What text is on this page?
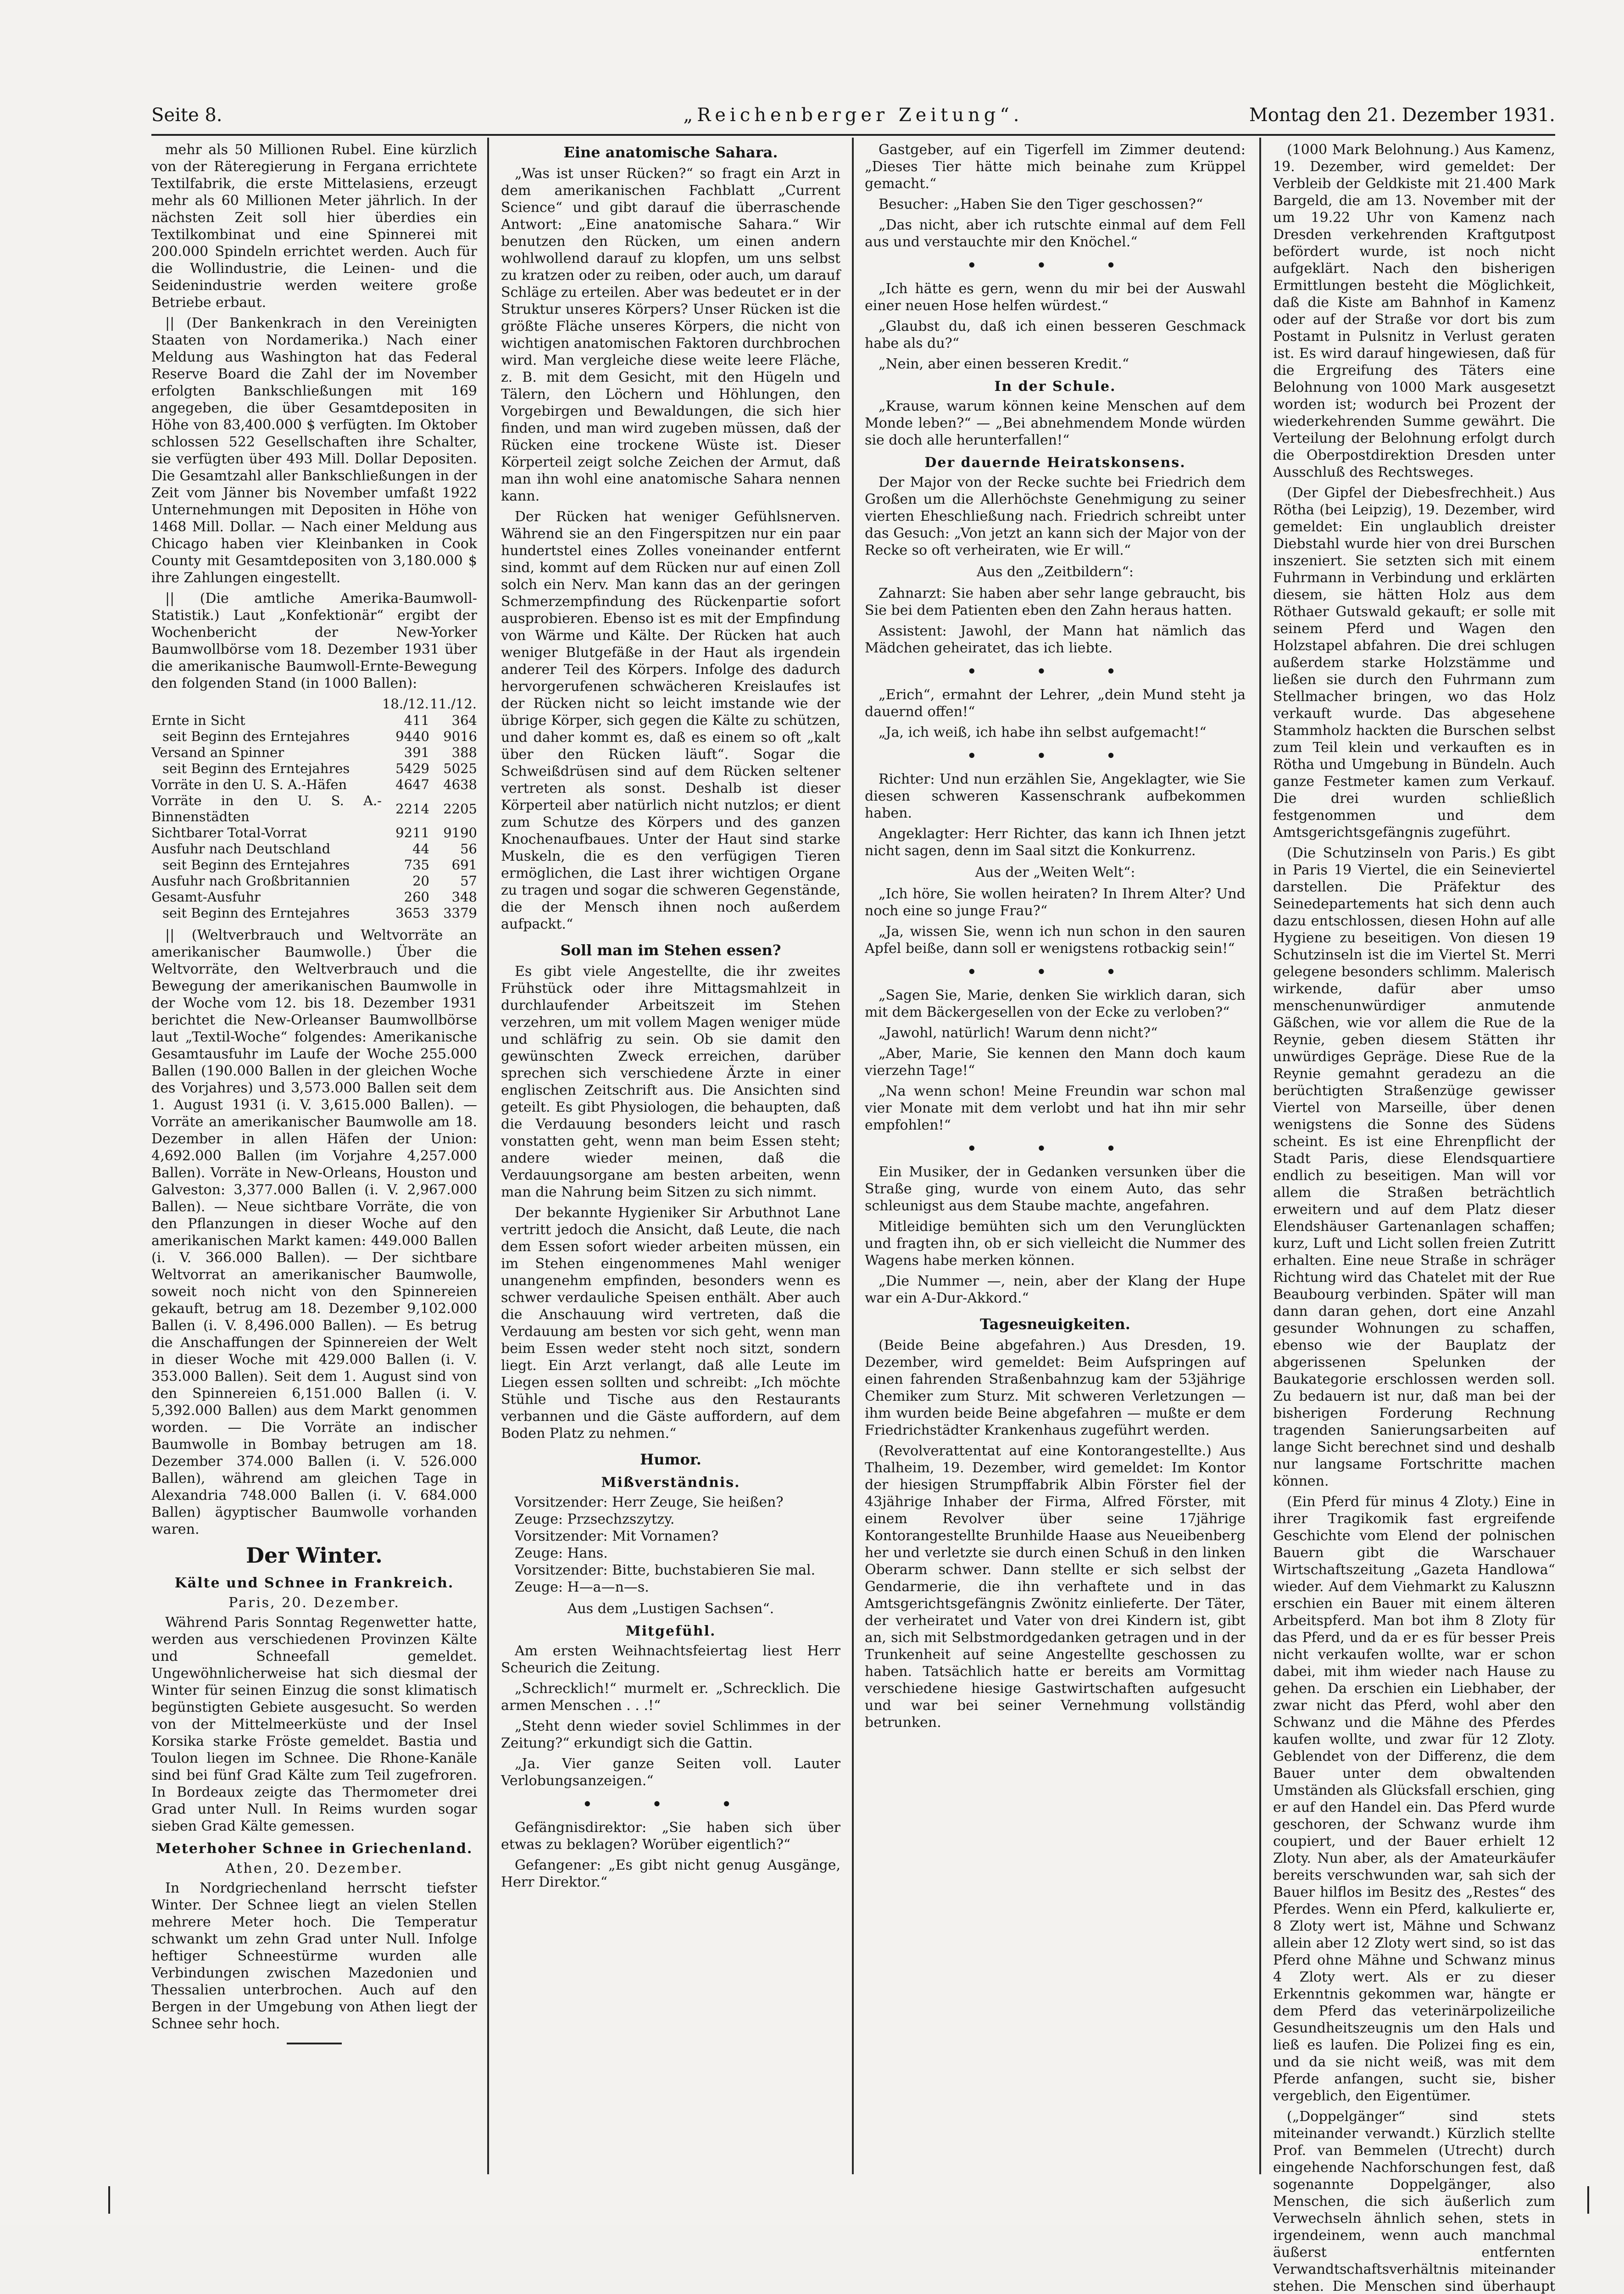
Seite 8.	„Reichenberger Zeitung“.	Montag den 21. Dezember 1931.

mehr als 50 Millionen Rubel. Eine kürzlich von der Räteregierung in Fergana errichtete Textilfabrik, die erste Mittelasiens, erzeugt mehr als 60 Millionen Meter jährlich. In der nächsten Zeit soll hier überdies ein Textilkombinat und eine Spinnerei mit 200.000 Spindeln errichtet werden. Auch für die Wollindustrie, die Leinen- und die Seidenindustrie werden weitere große Betriebe erbaut.

|| (Der Bankenkrach in den Vereinigten Staaten von Nordamerika.) Nach einer Meldung aus Washington hat das Federal Reserve Board die Zahl der im November erfolgten Bankschließungen mit 169 angegeben, die über Gesamtdepositen in Höhe von 83,400.000 $ verfügten. Im Oktober schlossen 522 Gesellschaften ihre Schalter, sie verfügten über 493 Mill. Dollar Depositen. Die Gesamtzahl aller Bankschließungen in der Zeit vom Jänner bis November umfaßt 1922 Unternehmungen mit Depositen in Höhe von 1468 Mill. Dollar. — Nach einer Meldung aus Chicago haben vier Kleinbanken in Cook County mit Gesamtdepositen von 3,180.000 $ ihre Zahlungen eingestellt.

|| (Die amtliche Amerika-Baumwoll-Statistik.) Laut „Konfektionär“ ergibt der Wochenbericht der New-Yorker Baumwollbörse vom 18. Dezember 1931 über die amerikanische Baumwoll-Ernte-Bewegung den folgenden Stand (in 1000 Ballen):

	18./12.	11./12.
Ernte in Sicht	411	364
seit Beginn des Erntejahres	9440	9016
Versand an Spinner	391	388
seit Beginn des Erntejahres	5429	5025
Vorräte in den U. S. A.-Häfen	4647	4638
Vorräte in den U. S. A.-Binnenstädten	2214	2205
Sichtbarer Total-Vorrat	9211	9190
Ausfuhr nach Deutschland	44	56
seit Beginn des Erntejahres	735	691
Ausfuhr nach Großbritannien	20	57
Gesamt-Ausfuhr	260	348
seit Beginn des Erntejahres	3653	3379

|| (Weltverbrauch und Weltvorräte an amerikanischer Baumwolle.) Über die Weltvorräte, den Weltverbrauch und die Bewegung der amerikanischen Baumwolle in der Woche vom 12. bis 18. Dezember 1931 berichtet die New-Orleanser Baumwollbörse laut „Textil-Woche“ folgendes: Amerikanische Gesamtausfuhr im Laufe der Woche 255.000 Ballen (190.000 Ballen in der gleichen Woche des Vorjahres) und 3,573.000 Ballen seit dem 1. August 1931 (i. V. 3,615.000 Ballen). — Vorräte an amerikanischer Baumwolle am 18. Dezember in allen Häfen der Union: 4,692.000 Ballen (im Vorjahre 4,257.000 Ballen). Vorräte in New-Orleans, Houston und Galveston: 3,377.000 Ballen (i. V. 2,967.000 Ballen). — Neue sichtbare Vorräte, die von den Pflanzungen in dieser Woche auf den amerikanischen Markt kamen: 449.000 Ballen (i. V. 366.000 Ballen). — Der sichtbare Weltvorrat an amerikanischer Baumwolle, soweit noch nicht von den Spinnereien gekauft, betrug am 18. Dezember 9,102.000 Ballen (i. V. 8,496.000 Ballen). — Es betrug die Anschaffungen der Spinnereien der Welt in dieser Woche mit 429.000 Ballen (i. V. 353.000 Ballen). Seit dem 1. August sind von den Spinnereien 6,151.000 Ballen (i. V. 5,392.000 Ballen) aus dem Markt genommen worden. — Die Vorräte an indischer Baumwolle in Bombay betrugen am 18. Dezember 374.000 Ballen (i. V. 526.000 Ballen), während am gleichen Tage in Alexandria 748.000 Ballen (i. V. 684.000 Ballen) ägyptischer Baumwolle vorhanden waren.

Der Winter.
Kälte und Schnee in Frankreich.
Paris, 20. Dezember.

Während Paris Sonntag Regenwetter hatte, werden aus verschiedenen Provinzen Kälte und Schneefall gemeldet. Ungewöhnlicherweise hat sich diesmal der Winter für seinen Einzug die sonst klimatisch begünstigten Gebiete ausgesucht. So werden von der Mittelmeerküste und der Insel Korsika starke Fröste gemeldet. Bastia und Toulon liegen im Schnee. Die Rhone-Kanäle sind bei fünf Grad Kälte zum Teil zugefroren. In Bordeaux zeigte das Thermometer drei Grad unter Null. In Reims wurden sogar sieben Grad Kälte gemessen.

Meterhoher Schnee in Griechenland.
Athen, 20. Dezember.

In Nordgriechenland herrscht tiefster Winter. Der Schnee liegt an vielen Stellen mehrere Meter hoch. Die Temperatur schwankt um zehn Grad unter Null. Infolge heftiger Schneestürme wurden alle Verbindungen zwischen Mazedonien und Thessalien unterbrochen. Auch auf den Bergen in der Umgebung von Athen liegt der Schnee sehr hoch.

Eine anatomische Sahara.

„Was ist unser Rücken?“ so fragt ein Arzt in dem amerikanischen Fachblatt „Current Science“ und gibt darauf die überraschende Antwort: „Eine anatomische Sahara.“ Wir benutzen den Rücken, um einen andern wohlwollend darauf zu klopfen, um uns selbst zu kratzen oder zu reiben, oder auch, um darauf Schläge zu erteilen. Aber was bedeutet er in der Struktur unseres Körpers? Unser Rücken ist die größte Fläche unseres Körpers, die nicht von wichtigen anatomischen Faktoren durchbrochen wird. Man vergleiche diese weite leere Fläche, z. B. mit dem Gesicht, mit den Hügeln und Tälern, den Löchern und Höhlungen, den Vorgebirgen und Bewaldungen, die sich hier finden, und man wird zugeben müssen, daß der Rücken eine trockene Wüste ist. Dieser Körperteil zeigt solche Zeichen der Armut, daß man ihn wohl eine anatomische Sahara nennen kann.

Der Rücken hat weniger Gefühlsnerven. Während sie an den Fingerspitzen nur ein paar hundertstel eines Zolles voneinander entfernt sind, kommt auf dem Rücken nur auf einen Zoll solch ein Nerv. Man kann das an der geringen Schmerzempfindung des Rückenpartie sofort ausprobieren. Ebenso ist es mit der Empfindung von Wärme und Kälte. Der Rücken hat auch weniger Blutgefäße in der Haut als irgendein anderer Teil des Körpers. Infolge des dadurch hervorgerufenen schwächeren Kreislaufes ist der Rücken nicht so leicht imstande wie der übrige Körper, sich gegen die Kälte zu schützen, und daher kommt es, daß es einem so oft „kalt über den Rücken läuft“. Sogar die Schweißdrüsen sind auf dem Rücken seltener vertreten als sonst. Deshalb ist dieser Körperteil aber natürlich nicht nutzlos; er dient zum Schutze des Körpers und des ganzen Knochenaufbaues. Unter der Haut sind starke Muskeln, die es den verfügigen Tieren ermöglichen, die Last ihrer wichtigen Organe zu tragen und sogar die schweren Gegenstände, die der Mensch ihnen noch außerdem aufpackt.“

Soll man im Stehen essen?

Es gibt viele Angestellte, die ihr zweites Frühstück oder ihre Mittagsmahlzeit in durchlaufender Arbeitszeit im Stehen verzehren, um mit vollem Magen weniger müde und schläfrig zu sein. Ob sie damit den gewünschten Zweck erreichen, darüber sprechen sich verschiedene Ärzte in einer englischen Zeitschrift aus. Die Ansichten sind geteilt. Es gibt Physiologen, die behaupten, daß die Verdauung besonders leicht und rasch vonstatten geht, wenn man beim Essen steht; andere wieder meinen, daß die Verdauungsorgane am besten arbeiten, wenn man die Nahrung beim Sitzen zu sich nimmt.

Der bekannte Hygieniker Sir Arbuthnot Lane vertritt jedoch die Ansicht, daß Leute, die nach dem Essen sofort wieder arbeiten müssen, ein im Stehen eingenommenes Mahl weniger unangenehm empfinden, besonders wenn es schwer verdauliche Speisen enthält. Aber auch die Anschauung wird vertreten, daß die Verdauung am besten vor sich geht, wenn man beim Essen weder steht noch sitzt, sondern liegt. Ein Arzt verlangt, daß alle Leute im Liegen essen sollten und schreibt: „Ich möchte Stühle und Tische aus den Restaurants verbannen und die Gäste auffordern, auf dem Boden Platz zu nehmen.“

Humor.
Mißverständnis.

Vorsitzender: Herr Zeuge, Sie heißen?

Zeuge: Przsechzszytzy.

Vorsitzender: Mit Vornamen?

Zeuge: Hans.

Vorsitzender: Bitte, buchstabieren Sie mal.

Zeuge: H—a—n—s.

Aus dem „Lustigen Sachsen“.
Mitgefühl.

Am ersten Weihnachtsfeiertag liest Herr Scheurich die Zeitung.

„Schrecklich!“ murmelt er. „Schrecklich. Die armen Menschen . . .!“

„Steht denn wieder soviel Schlimmes in der Zeitung?“ erkundigt sich die Gattin.

„Ja. Vier ganze Seiten voll. Lauter Verlobungsanzeigen.“

• • •

Gefängnisdirektor: „Sie haben sich über etwas zu beklagen? Worüber eigentlich?“

Gefangener: „Es gibt nicht genug Ausgänge, Herr Direktor.“

Gastgeber, auf ein Tigerfell im Zimmer deutend: „Dieses Tier hätte mich beinahe zum Krüppel gemacht.“

Besucher: „Haben Sie den Tiger geschossen?“

„Das nicht, aber ich rutschte einmal auf dem Fell aus und verstauchte mir den Knöchel.“

• • •

„Ich hätte es gern, wenn du mir bei der Auswahl einer neuen Hose helfen würdest.“

„Glaubst du, daß ich einen besseren Geschmack habe als du?“

„Nein, aber einen besseren Kredit.“

In der Schule.

„Krause, warum können keine Menschen auf dem Monde leben?“ — „Bei abnehmendem Monde würden sie doch alle herunterfallen!“

Der dauernde Heiratskonsens.

Der Major von der Recke suchte bei Friedrich dem Großen um die Allerhöchste Genehmigung zu seiner vierten Eheschließung nach. Friedrich schreibt unter das Gesuch: „Von jetzt an kann sich der Major von der Recke so oft verheiraten, wie Er will.“

Aus den „Zeitbildern“:

Zahnarzt: Sie haben aber sehr lange gebraucht, bis Sie bei dem Patienten eben den Zahn heraus hatten.

Assistent: Jawohl, der Mann hat nämlich das Mädchen geheiratet, das ich liebte.

• • •

„Erich“, ermahnt der Lehrer, „dein Mund steht ja dauernd offen!“

„Ja, ich weiß, ich habe ihn selbst aufgemacht!“

• • •

Richter: Und nun erzählen Sie, Angeklagter, wie Sie diesen schweren Kassenschrank aufbekommen haben.

Angeklagter: Herr Richter, das kann ich Ihnen jetzt nicht sagen, denn im Saal sitzt die Konkurrenz.

Aus der „Weiten Welt“:

„Ich höre, Sie wollen heiraten? In Ihrem Alter? Und noch eine so junge Frau?“

„Ja, wissen Sie, wenn ich nun schon in den sauren Apfel beiße, dann soll er wenigstens rotbackig sein!“

• • •

„Sagen Sie, Marie, denken Sie wirklich daran, sich mit dem Bäckergesellen von der Ecke zu verloben?“

„Jawohl, natürlich! Warum denn nicht?“

„Aber, Marie, Sie kennen den Mann doch kaum vierzehn Tage!“

„Na wenn schon! Meine Freundin war schon mal vier Monate mit dem verlobt und hat ihn mir sehr empfohlen!“

• • •

Ein Musiker, der in Gedanken versunken über die Straße ging, wurde von einem Auto, das sehr schleunigst aus dem Staube machte, angefahren.

Mitleidige bemühten sich um den Verunglückten und fragten ihn, ob er sich vielleicht die Nummer des Wagens habe merken können.

„Die Nummer —, nein, aber der Klang der Hupe war ein A-Dur-Akkord.“

Tagesneuigkeiten.

(Beide Beine abgefahren.) Aus Dresden, 19. Dezember, wird gemeldet: Beim Aufspringen auf einen fahrenden Straßenbahnzug kam der 53jährige Chemiker zum Sturz. Mit schweren Verletzungen — ihm wurden beide Beine abgefahren — mußte er dem Friedrichstädter Krankenhaus zugeführt werden.

(Revolverattentat auf eine Kontorangestellte.) Aus Thalheim, 19. Dezember, wird gemeldet: Im Kontor der hiesigen Strumpffabrik Albin Förster fiel der 43jährige Inhaber der Firma, Alfred Förster, mit einem Revolver über seine 17jährige Kontorangestellte Brunhilde Haase aus Neueibenberg her und verletzte sie durch einen Schuß in den linken Oberarm schwer. Dann stellte er sich selbst der Gendarmerie, die ihn verhaftete und in das Amtsgerichtsgefängnis Zwönitz einlieferte. Der Täter, der verheiratet und Vater von drei Kindern ist, gibt an, sich mit Selbstmordgedanken getragen und in der Trunkenheit auf seine Angestellte geschossen zu haben. Tatsächlich hatte er bereits am Vormittag verschiedene hiesige Gastwirtschaften aufgesucht und war bei seiner Vernehmung vollständig betrunken.

(1000 Mark Belohnung.) Aus Kamenz, 19. Dezember, wird gemeldet: Der Verbleib der Geldkiste mit 21.400 Mark Bargeld, die am 13. November mit der um 19.22 Uhr von Kamenz nach Dresden verkehrenden Kraftgutpost befördert wurde, ist noch nicht aufgeklärt. Nach den bisherigen Ermittlungen besteht die Möglichkeit, daß die Kiste am Bahnhof in Kamenz oder auf der Straße vor dort bis zum Postamt in Pulsnitz in Verlust geraten ist. Es wird darauf hingewiesen, daß für die Ergreifung des Täters eine Belohnung von 1000 Mark ausgesetzt worden ist; wodurch bei Prozent der wiederkehrenden Summe gewährt. Die Verteilung der Belohnung erfolgt durch die Oberpostdirektion Dresden unter Ausschluß des Rechtsweges.

(Der Gipfel der Diebesfrechheit.) Aus Rötha (bei Leipzig), 19. Dezember, wird gemeldet: Ein unglaublich dreister Diebstahl wurde hier von drei Burschen inszeniert. Sie setzten sich mit einem Fuhrmann in Verbindung und erklärten diesem, sie hätten Holz aus dem Röthaer Gutswald gekauft; er solle mit seinem Pferd und Wagen den Holzstapel abfahren. Die drei schlugen außerdem starke Holzstämme und ließen sie durch den Fuhrmann zum Stellmacher bringen, wo das Holz verkauft wurde. Das abgesehene Stammholz hackten die Burschen selbst zum Teil klein und verkauften es in Rötha und Umgebung in Bündeln. Auch ganze Festmeter kamen zum Verkauf. Die drei wurden schließlich festgenommen und dem Amtsgerichtsgefängnis zugeführt.

(Die Schutzinseln von Paris.) Es gibt in Paris 19 Viertel, die ein Seineviertel darstellen. Die Präfektur des Seinedepartements hat sich denn auch dazu entschlossen, diesen Hohn auf alle Hygiene zu beseitigen. Von diesen 19 Schutzinseln ist die im Viertel St. Merri gelegene besonders schlimm. Malerisch wirkende, dafür aber umso menschenunwürdiger anmutende Gäßchen, wie vor allem die Rue de la Reynie, geben diesem Stätten ihr unwürdiges Gepräge. Diese Rue de la Reynie gemahnt geradezu an die berüchtigten Straßenzüge gewisser Viertel von Marseille, über denen wenigstens die Sonne des Südens scheint. Es ist eine Ehrenpflicht der Stadt Paris, diese Elendsquartiere endlich zu beseitigen. Man will vor allem die Straßen beträchtlich erweitern und auf dem Platz dieser Elendshäuser Gartenanlagen schaffen; kurz, Luft und Licht sollen freien Zutritt erhalten. Eine neue Straße in schräger Richtung wird das Chatelet mit der Rue Beaubourg verbinden. Später will man dann daran gehen, dort eine Anzahl gesunder Wohnungen zu schaffen, ebenso wie der Bauplatz der abgerissenen Spelunken der Baukategorie erschlossen werden soll. Zu bedauern ist nur, daß man bei der bisherigen Forderung Rechnung tragenden Sanierungsarbeiten auf lange Sicht berechnet sind und deshalb nur langsame Fortschritte machen können.

(Ein Pferd für minus 4 Zloty.) Eine in ihrer Tragikomik fast ergreifende Geschichte vom Elend der polnischen Bauern gibt die Warschauer Wirtschaftszeitung „Gazeta Handlowa“ wieder. Auf dem Viehmarkt zu Kalusznn erschien ein Bauer mit einem älteren Arbeitspferd. Man bot ihm 8 Zloty für das Pferd, und da er es für besser Preis nicht verkaufen wollte, war er schon dabei, mit ihm wieder nach Hause zu gehen. Da erschien ein Liebhaber, der zwar nicht das Pferd, wohl aber den Schwanz und die Mähne des Pferdes kaufen wollte, und zwar für 12 Zloty. Geblendet von der Differenz, die dem Bauer unter dem obwaltenden Umständen als Glücksfall erschien, ging er auf den Handel ein. Das Pferd wurde geschoren, der Schwanz wurde ihm coupiert, und der Bauer erhielt 12 Zloty. Nun aber, als der Amateurkäufer bereits verschwunden war, sah sich der Bauer hilflos im Besitz des „Restes“ des Pferdes. Wenn ein Pferd, kalkulierte er, 8 Zloty wert ist, Mähne und Schwanz allein aber 12 Zloty wert sind, so ist das Pferd ohne Mähne und Schwanz minus 4 Zloty wert. Als er zu dieser Erkenntnis gekommen war, hängte er dem Pferd das veterinärpolizeiliche Gesundheitszeugnis um den Hals und ließ es laufen. Die Polizei fing es ein, und da sie nicht weiß, was mit dem Pferde anfangen, sucht sie, bisher vergeblich, den Eigentümer.

(„Doppelgänger“ sind stets miteinander verwandt.) Kürzlich stellte Prof. van Bemmelen (Utrecht) durch eingehende Nachforschungen fest, daß sogenannte Doppelgänger, also Menschen, die sich äußerlich zum Verwechseln ähnlich sehen, stets in irgendeinem, wenn auch manchmal äußerst entfernten Verwandtschaftsverhältnis miteinander stehen. Die Menschen sind überhaupt
